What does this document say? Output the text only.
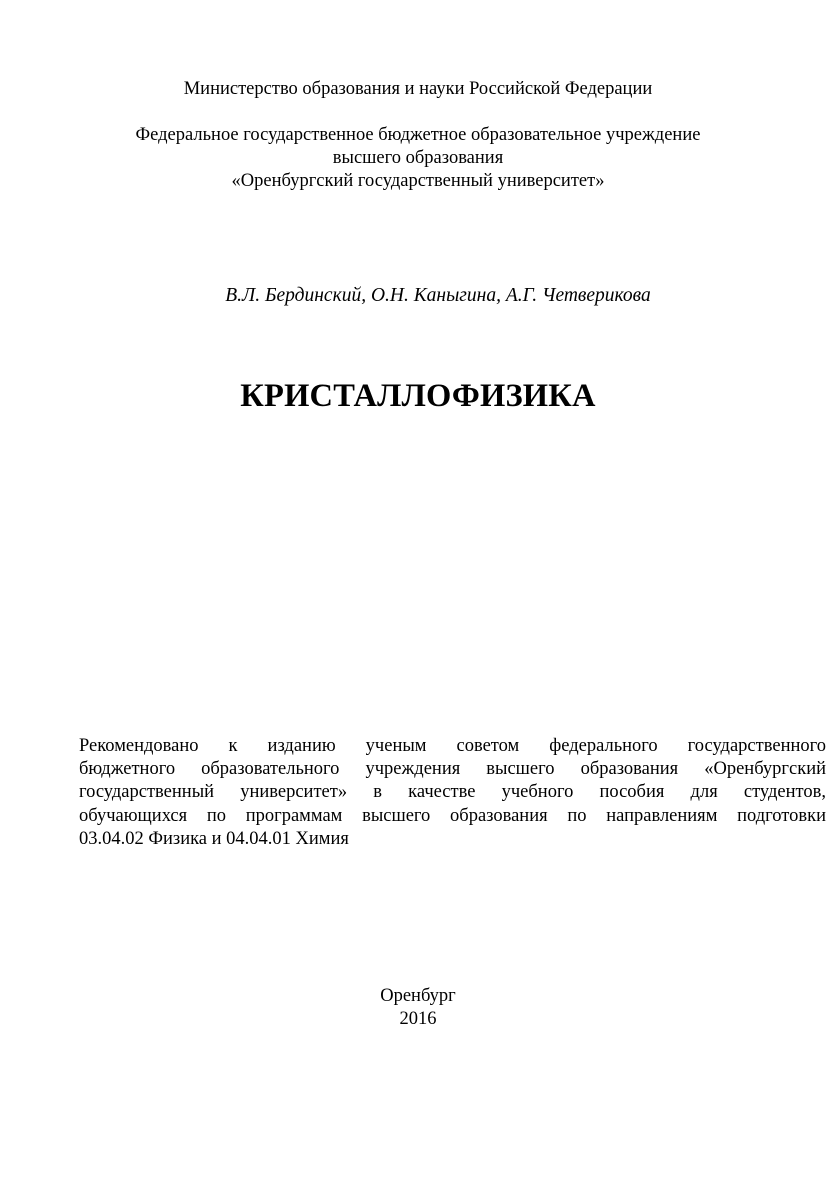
Министерство образования и науки Российской Федерации
Федеральное государственное бюджетное образовательное учреждение
высшего образования
«Оренбургский государственный университет»
В.Л. Бердинский, О.Н. Каныгина, А.Г. Четверикова
КРИСТАЛЛОФИЗИКА
Рекомендовано к изданию ученым советом федерального государственного
бюджетного образовательного учреждения высшего образования «Оренбургский
государственный университет» в качестве учебного пособия для студентов,
обучающихся по программам высшего образования по направлениям подготовки
03.04.02 Физика и 04.04.01 Химия
Оренбург
2016
